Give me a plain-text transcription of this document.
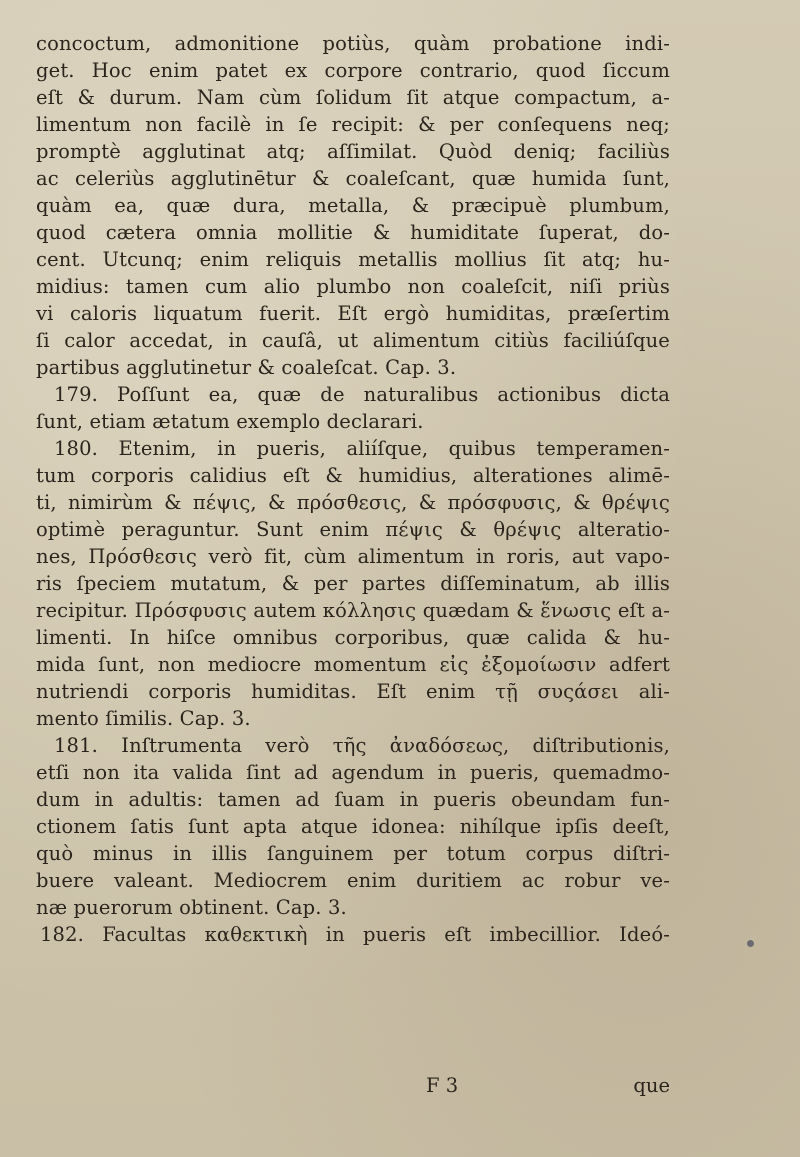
concoctum, admonitione potiùs, quàm probatione indi-
get. Hoc enim patet ex corpore contrario, quod ſiccum
eſt & durum. Nam cùm ſolidum ſit atque compactum, a-
limentum non facilè in ſe recipit: & per conſequens neq;
promptè agglutinat atq; aſſimilat. Quòd deniq; faciliùs
ac celeriùs agglutinētur & coaleſcant, quæ humida ſunt,
quàm ea, quæ dura, metalla, & præcipuè plumbum,
quod cætera omnia mollitie & humiditate ſuperat, do-
cent. Utcunq; enim reliquis metallis mollius ſit atq; hu-
midius: tamen cum alio plumbo non coaleſcit, niſi priùs
vi caloris liquatum fuerit. Eſt ergò humiditas, præſertim
ſi calor accedat, in cauſâ, ut alimentum citiùs faciliúſque
partibus agglutinetur & coaleſcat. Cap. 3.
179. Poſſunt ea, quæ de naturalibus actionibus dicta
ſunt, etiam ætatum exemplo declarari.
180. Etenim, in pueris, aliíſque, quibus temperamen-
tum corporis calidius eſt & humidius, alterationes alimē-
ti, nimirùm & πέψις, & πρόσθεσις, & πρόσφυσις, & θρέψις
optimè peraguntur. Sunt enim πέψις & θρέψις alteratio-
nes, Πρόσθεσις verò fit, cùm alimentum in roris, aut vapo-
ris ſpeciem mutatum, & per partes diſſeminatum, ab illis
recipitur. Πρόσφυσις autem κόλλησις quædam & ἕνωσις eſt a-
limenti. In hiſce omnibus corporibus, quæ calida & hu-
mida ſunt, non mediocre momentum εἰς ἐξομοίωσιν adfert
nutriendi corporis humiditas. Eſt enim τῇ συςάσει ali-
mento ſimilis. Cap. 3.
181. Inſtrumenta verò τῆς ἀναδόσεως, diſtributionis,
etſi non ita valida ſint ad agendum in pueris, quemadmo-
dum in adultis: tamen ad ſuam in pueris obeundam fun-
ctionem ſatis ſunt apta atque idonea: nihílque ipſis deeſt,
quò minus in illis ſanguinem per totum corpus diſtri-
buere valeant. Mediocrem enim duritiem ac robur ve-
næ puerorum obtinent. Cap. 3.
182. Facultas καθεκτικὴ in pueris eſt imbecillior. Ideó-
F 3	que
